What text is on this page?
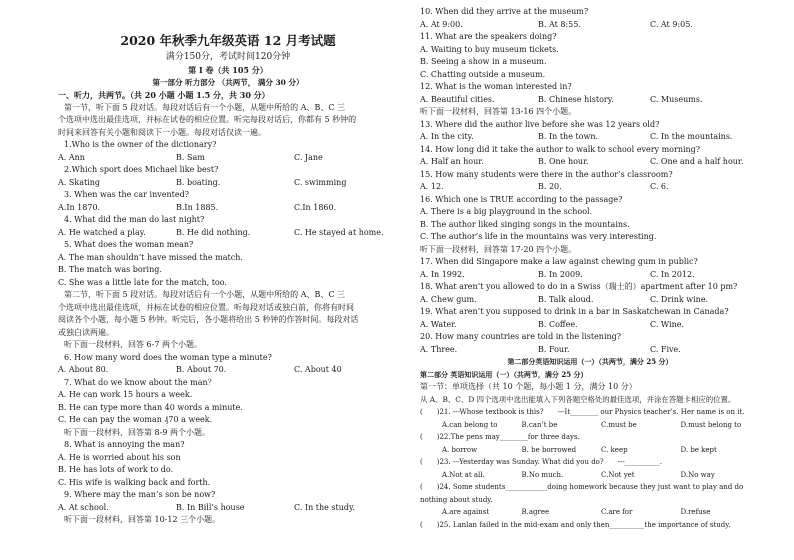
2020 年秋季九年级英语 12 月考试题
满分150分，考试时间120分钟
第 I 卷（共 105 分）
第一部分 听力部分 （共两节， 满分 30 分）
一、听力，共两节。（共 20 小题 小题 1.5 分，共 30 分）
第一节，听下面 5 段对话。每段对话后有一个小题，从题中所给的 A、B、C 三
个选项中选出最佳选项，并标在试卷的相应位置。听完每段对话后，你都有 5 秒钟的
时间来回答有关小题和阅读下一小题。每段对话仅读一遍。
1.Who is the owner of the dictionary?
A. Ann	B. Sam	C. Jane
2.Which sport does Michael like best?
A. Skating	B. boating.	C. swimming
3. When was the car invented?
A.In 1870.	B.In 1885.	C.In 1860.
4. What did the man do last night?
A. He watched a play.	B. He did nothing.	C. He stayed at home.
5. What does the woman mean?
A. The man shouldn’t have missed the match.
B. The match was boring.
C. She was a little late for the match, too.
第二节，听下面 5 段对话。每段对话后有一个小题，从题中所给的 A、B、C 三
个选项中选出最佳选项，并标在试卷的相应位置。听每段对话或独白前，你将有时间
阅读各个小题，每小题 5 秒钟。听完后，各小题将给出 5 秒钟的作答时间。每段对话
或独白读两遍。
听下面一段材料，回答 6-7 两个小题。
6. How many word does the woman type a minute?
A. About 80.	B. About 70.	C. About 40
7. What do we know about the man？
A. He can work 15 hours a week.
B. He can type more than 40 words a minute.
C. He can pay the woman ₰70 a week.
听下面一段材料，回答第 8-9 两个小题。
8. What is annoying the man?
A. He is worried about his son
B. He has lots of work to do.
C. His wife is walking back and forth.
9. Where may the man’s son be now?
A. At school.	B. In Bill’s house	C. In the study.
听下面一段材料，回答第 10-12 三个小题。
10. When did they arrive at the museum?
A. At 9:00.	B. At 8:55.	C. At 9:05.
11. What are the speakers doing?
A. Waiting to buy museum tickets.
B. Seeing a show in a museum.
C. Chatting outside a museum.
12. What is the woman interested in?
A. Beautiful cities.	B. Chinese history.	C. Museums.
听下面一段材料，回答第 13-16 四个小题。
13. Where did the author live before she was 12 years old?
A. In the city.	B. In the town.	C. In the mountains.
14. How long did it take the author to walk to school every morning?
A. Half an hour.	B. One hour.	C. One and a half hour.
15. How many students were there in the author’s classroom?
A. 12.	B. 20.	C. 6.
16. Which one is TRUE according to the passage?
A. There is a big playground in the school.
B. The author liked singing songs in the mountains.
C. The author’s life in the mountains was very interesting.
听下面一段材料，回答第 17-20 四个小题。
17. When did Singapore make a law against chewing gum in public?
A. In 1992.	B. In 2009.	C. In 2012.
18. What aren’t you allowed to do in a Swiss（瑞士的）apartment after 10 pm?
A. Chew gum.	B. Talk aloud.	C. Drink wine.
19. What aren’t you supposed to drink in a bar in Saskatchewan in Canada?
A. Water.	B. Coffee.	C. Wine.
20. How many countries are told in the listening?
A. Three.	B. Four.	C. Five.
第二部分英语知识运用（一）（共两节，满分 25 分）
第二部分 英语知识运用（一）（共两节，满分 25 分）
第一节：单项选择（共 10 个题，每小题 1 分，满分 10 分）
从 A、B、C、D 四个选项中选出能填入下列各题空格处的最佳选项，并涂在答题卡相应的位置。
(　　)21. ---Whose textbook is this?　　---It________ our Physics teacher’s. Her name is on it.
A.can belong to	B.can’t be	C.must be	D.must belong to
(　　)22.The pens may________for three days.
A. borrow	B. be borrowed	C. keep	D. be kept
(　　)23. ---Yesterday was Sunday. What did you do?　　---__________.
A.Not at all.	B.No much.	C.Not yet	D.No way
(　　)24. Some students____________doing homework because they just want to play and do nothing about study.
A.are against	B.agree	C.are for	D.refuse
(　　)25. Lanlan failed in the mid-exam and only then__________the importance of study.
